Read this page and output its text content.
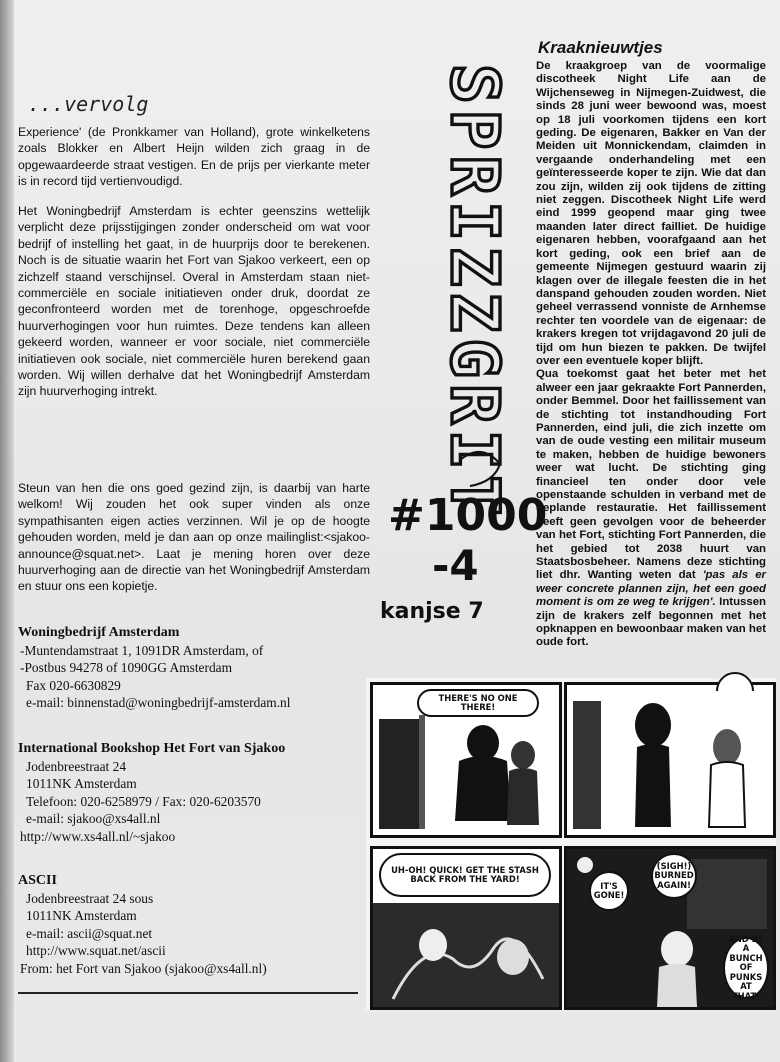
...vervolg

Experience' (de Pronkkamer van Holland), grote winkelketens zoals Blokker en Albert Heijn wilden zich graag in de opgewaardeerde straat vestigen. En de prijs per vierkante meter is in record tijd vertienvoudigd.

Het Woningbedrijf Amsterdam is echter geenszins wettelijk verplicht deze prijsstijgingen zonder onderscheid om wat voor bedrijf of instelling het gaat, in de huurprijs door te berekenen. Noch is de situatie waarin het Fort van Sjakoo verkeert, een op zichzelf staand verschijnsel. Overal in Amsterdam staan niet-commerciële en sociale initiatieven onder druk, doordat ze geconfronteerd worden met de torenhoge, opgeschroefde huurverhogingen voor hun ruimtes. Deze tendens kan alleen gekeerd worden, wanneer er voor sociale, niet commerciële initiatieven ook sociale, niet commerciële huren berekend gaan worden. Wij willen derhalve dat het Woningbedrijf Amsterdam zijn huurverhoging intrekt.

Steun van hen die ons goed gezind zijn, is daarbij van harte welkom! Wij zouden het ook super vinden als onze sympathisanten eigen acties verzinnen. Wil je op de hoogte gehouden worden, meld je dan aan op onze mailinglist:<sjakoo-announce@squat.net>. Laat je mening horen over deze huurverhoging aan de directie van het Woningbedrijf Amsterdam en stuur ons een kopietje.

Woningbedrijf Amsterdam
-Muntendamstraat 1, 1091DR Amsterdam, of
-Postbus 94278 of 1090GG Amsterdam
Fax 020-6630829
e-mail: binnenstad@woningbedrijf-amsterdam.nl
International Bookshop Het Fort van Sjakoo
Jodenbreestraat 24
1011NK Amsterdam
Telefoon: 020-6258979 / Fax: 020-6203570
e-mail: sjakoo@xs4all.nl
http://www.xs4all.nl/~sjakoo
ASCII
Jodenbreestraat 24 sous
1011NK Amsterdam
e-mail: ascii@squat.net
http://www.squat.net/ascii
From: het Fort van Sjakoo (sjakoo@xs4all.nl)
SPRIZZGRIT
#1000
-4
kanjse 7
Kraaknieuwtjes

De kraakgroep van de voormalige discotheek Night Life aan de Wijchenseweg in Nijmegen-Zuidwest, die sinds 28 juni weer bewoond was, moest op 18 juli voorkomen tijdens een kort geding. De eigenaren, Bakker en Van der Meiden uit Monnickendam, claimden in vergaande onderhandeling met een geïnteresseerde koper te zijn. Wie dat dan zou zijn, wilden zij ook tijdens de zitting niet zeggen. Discotheek Night Life werd eind 1999 geopend maar ging twee maanden later direct failliet. De huidige eigenaren hebben, voorafgaand aan het kort geding, ook een brief aan de gemeente Nijmegen gestuurd waarin zij klagen over de illegale feesten die in het danspand gehouden zouden worden. Niet geheel verrassend vonniste de Arnhemse rechter ten voordele van de eigenaar: de krakers kregen tot vrijdagavond 20 juli de tijd om hun biezen te pakken. De twijfel over een eventuele koper blijft.

Qua toekomst gaat het beter met het alweer een jaar gekraakte Fort Pannerden, onder Bemmel. Door het faillissement van de stichting tot instandhouding Fort Pannerden, eind juli, die zich inzette om van de oude vesting een militair museum te maken, hebben de huidige bewoners weer wat lucht. De stichting ging financieel ten onder door vele openstaande schulden in verband met de geplande restauratie. Het faillissement heeft geen gevolgen voor de beheerder van het Fort, stichting Fort Pannerden, die het gebied tot 2038 huurt van Staatsbosbeheer. Namens deze stichting liet dhr. Wanting weten dat 'pas als er weer concrete plannen zijn, het een goed moment is om ze weg te krijgen'. Intussen zijn de krakers zelf begonnen met het opknappen en bewoonbaar maken van het oude fort.

THERE'S NO ONE THERE!
UH-OH! QUICK! GET THE STASH BACK FROM THE YARD!
IT'S GONE!
(SIGH!) BURNED AGAIN!
AND BY A BUNCH OF PUNKS AT THAT!
